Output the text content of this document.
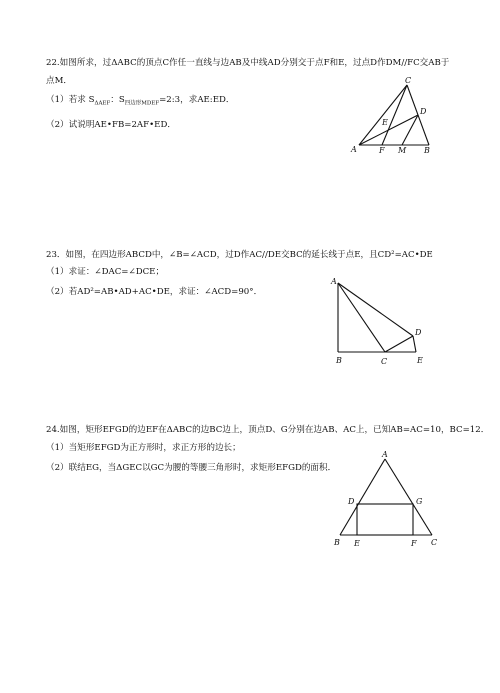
22.如图所求，过ΔABC的顶点C作任一直线与边AB及中线AD分别交于点F和E，过点D作DM//FC交AB于
点M．
（1）若求 $S_{\Delta AEF}$：$S_{四边形MDEF}=2:3$，求AE:ED．
（2）试说明AE•FB=2AF•ED．
C
D
E
A	F M B
23．如图，在四边形ABCD中，∠B=∠ACD，过D作AC//DE交BC的延长线于点E，且CD²=AC•DE
（1）求证：∠DAC=∠DCE；
（2）若AD²=AB•AD+AC•DE，求证：∠ACD=90°．
A
D
B	C	E
24.如图，矩形EFGD的边EF在ΔABC的边BC边上，顶点D、G分别在边AB、AC上，已知AB=AC=10，BC=12．
（1）当矩形EFGD为正方形时，求正方形的边长；
（2）联结EG，当ΔGEC以GC为腰的等腰三角形时，求矩形EFGD的面积．
A
D	G
B E	F C
